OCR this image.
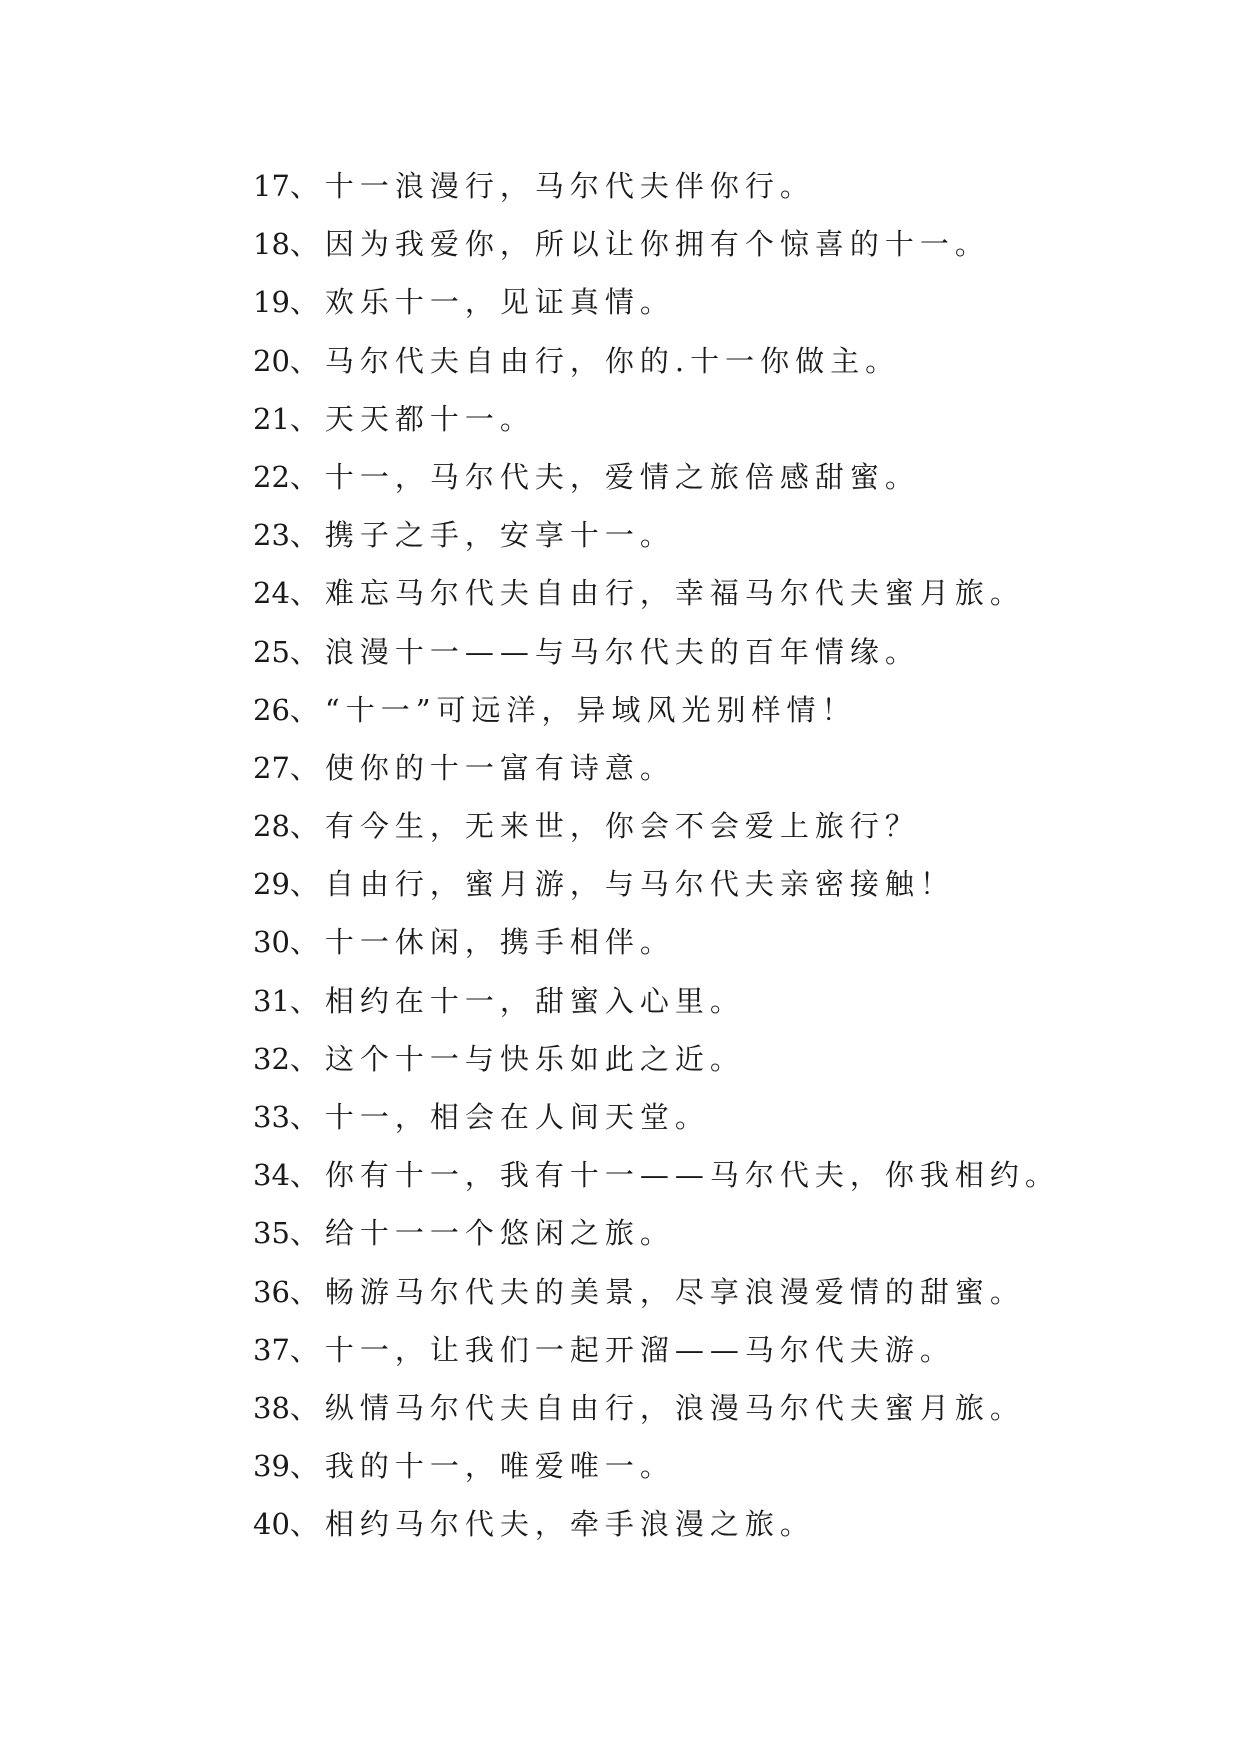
17、十一浪漫行，马尔代夫伴你行。
18、因为我爱你，所以让你拥有个惊喜的十一。
19、欢乐十一，见证真情。
20、马尔代夫自由行，你的.十一你做主。
21、天天都十一。
22、十一，马尔代夫，爱情之旅倍感甜蜜。
23、携子之手，安享十一。
24、难忘马尔代夫自由行，幸福马尔代夫蜜月旅。
25、浪漫十一——与马尔代夫的百年情缘。
26、“十一”可远洋，异域风光别样情！
27、使你的十一富有诗意。
28、有今生，无来世，你会不会爱上旅行？
29、自由行，蜜月游，与马尔代夫亲密接触！
30、十一休闲，携手相伴。
31、相约在十一，甜蜜入心里。
32、这个十一与快乐如此之近。
33、十一，相会在人间天堂。
34、你有十一，我有十一——马尔代夫，你我相约。
35、给十一一个悠闲之旅。
36、畅游马尔代夫的美景，尽享浪漫爱情的甜蜜。
37、十一，让我们一起开溜——马尔代夫游。
38、纵情马尔代夫自由行，浪漫马尔代夫蜜月旅。
39、我的十一，唯爱唯一。
40、相约马尔代夫，牵手浪漫之旅。
